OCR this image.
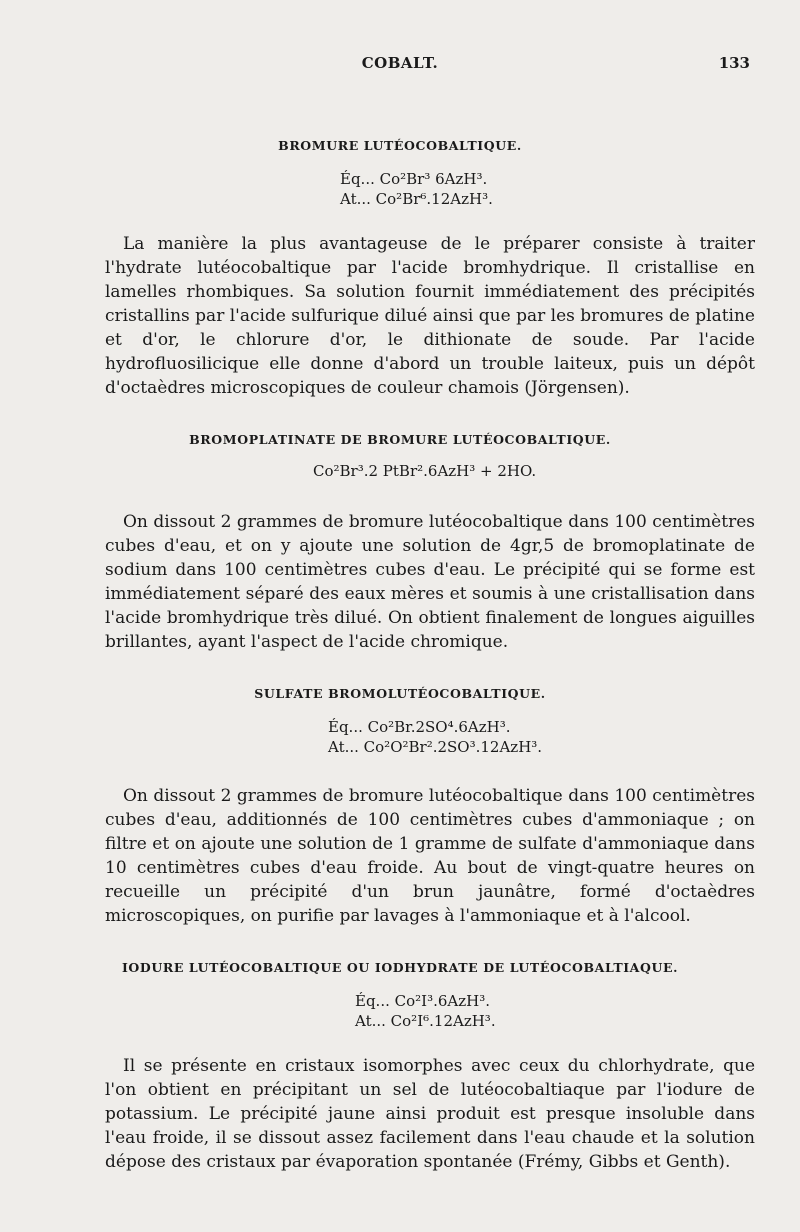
COBALT.	133
BROMURE LUTÉOCOBALTIQUE.
Éq... Co²Br³ 6AzH³.
At... Co²Br⁶.12AzH³.
La manière la plus avantageuse de le préparer consiste à traiter l'hydrate lutéocobaltique par l'acide bromhydrique. Il cristallise en lamelles rhombiques. Sa solution fournit immédiatement des précipités cristallins par l'acide sulfurique dilué ainsi que par les bromures de platine et d'or, le chlorure d'or, le dithionate de soude. Par l'acide hydrofluosilicique elle donne d'abord un trouble laiteux, puis un dépôt d'octaèdres microscopiques de couleur chamois (Jörgensen).
BROMOPLATINATE DE BROMURE LUTÉOCOBALTIQUE.
Co²Br³.2 PtBr².6AzH³ + 2HO.
On dissout 2 grammes de bromure lutéocobaltique dans 100 centimètres cubes d'eau, et on y ajoute une solution de 4gr,5 de bromoplatinate de sodium dans 100 centimètres cubes d'eau. Le précipité qui se forme est immédiatement séparé des eaux mères et soumis à une cristallisation dans l'acide bromhydrique très dilué. On obtient finalement de longues aiguilles brillantes, ayant l'aspect de l'acide chromique.
SULFATE BROMOLUTÉOCOBALTIQUE.
Éq... Co²Br.2SO⁴.6AzH³.
At... Co²O²Br².2SO³.12AzH³.
On dissout 2 grammes de bromure lutéocobaltique dans 100 centimètres cubes d'eau, additionnés de 100 centimètres cubes d'ammoniaque ; on filtre et on ajoute une solution de 1 gramme de sulfate d'ammoniaque dans 10 centimètres cubes d'eau froide. Au bout de vingt-quatre heures on recueille un précipité d'un brun jaunâtre, formé d'octaèdres microscopiques, on purifie par lavages à l'ammoniaque et à l'alcool.
IODURE LUTÉOCOBALTIQUE OU IODHYDRATE DE LUTÉOCOBALTIAQUE.
Éq... Co²I³.6AzH³.
At... Co²I⁶.12AzH³.
Il se présente en cristaux isomorphes avec ceux du chlorhydrate, que l'on obtient en précipitant un sel de lutéocobaltiaque par l'iodure de potassium. Le précipité jaune ainsi produit est presque insoluble dans l'eau froide, il se dissout assez facilement dans l'eau chaude et la solution dépose des cristaux par évaporation spontanée (Frémy, Gibbs et Genth).
